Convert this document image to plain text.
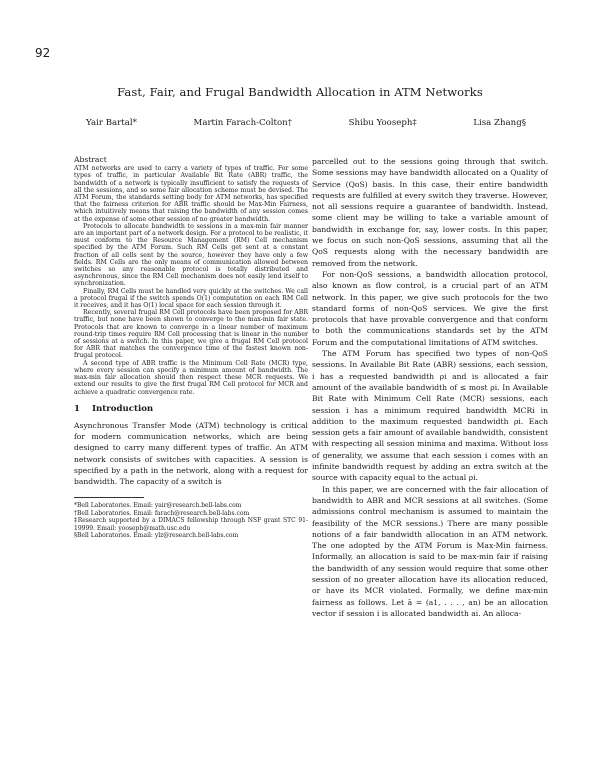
92
Fast, Fair, and Frugal Bandwidth Allocation in ATM Networks
Yair Bartal*	Martin Farach-Colton†	Shibu Yooseph‡	Lisa Zhang§
Abstract

ATM networks are used to carry a variety of types of traffic. For some types of traffic, in particular Available Bit Rate (ABR) traffic, the bandwidth of a network is typically insufficient to satisfy the requests of all the sessions, and so some fair allocation scheme must be devised. The ATM Forum, the standards setting body for ATM networks, has specified that the fairness criterion for ABR traffic should be Max-Min Fairness, which intuitively means that raising the bandwidth of any session comes at the expense of some other session of no greater bandwidth.

Protocols to allocate bandwidth to sessions in a max-min fair manner are an important part of a network design. For a protocol to be realistic, it must conform to the Resource Management (RM) Cell mechanism specified by the ATM Forum. Such RM Cells get sent at a constant fraction of all cells sent by the source, however they have only a few fields. RM Cells are the only means of communication allowed between switches so any reasonable protocol is totally distributed and asynchronous, since the RM Cell mechanism does not easily lend itself to synchronization.

Finally, RM Cells must be handled very quickly at the switches. We call a protocol frugal if the switch spends O(1) computation on each RM Cell it receives, and it has O(1) local space for each session through it.

Recently, several frugal RM Cell protocols have been proposed for ABR traffic, but none have been shown to converge to the max-min fair state. Protocols that are known to converge in a linear number of maximum round-trip times require RM Cell processing that is linear in the number of sessions at a switch. In this paper, we give a frugal RM Cell protocol for ABR that matches the convergence time of the fastest known non-frugal protocol.

A second type of ABR traffic is the Minimum Cell Rate (MCR) type, where every session can specify a minimum amount of bandwidth. The max-min fair allocation should then respect these MCR requests. We extend our results to give the first frugal RM Cell protocol for MCR and achieve a quadratic convergence rate.

1 Introduction

Asynchronous Transfer Mode (ATM) technology is critical for modern communication networks, which are being designed to carry many different types of traffic. An ATM network consists of switches with capacities. A session is specified by a path in the network, along with a request for bandwidth. The capacity of a switch is

*Bell Laboratories. Email: yair@research.bell-labs.com

†Bell Laboratories. Email: farach@research.bell-labs.com

‡Research supported by a DIMACS fellowship through NSF grant STC 91-19999. Email: yooseph@math.usc.edu

§Bell Laboratories. Email: ylz@research.bell-labs.com

parcelled out to the sessions going through that switch. Some sessions may have bandwidth allocated on a Quality of Service (QoS) basis. In this case, their entire bandwidth requests are fulfilled at every switch they traverse. However, not all sessions require a guarantee of bandwidth. Instead, some client may be willing to take a variable amount of bandwidth in exchange for, say, lower costs. In this paper, we focus on such non-QoS sessions, assuming that all the QoS requests along with the necessary bandwidth are removed from the network.

For non-QoS sessions, a bandwidth allocation protocol, also known as flow control, is a crucial part of an ATM network. In this paper, we give such protocols for the two standard forms of non-QoS services. We give the first protocols that have provable convergence and that conform to both the communications standards set by the ATM Forum and the computational limitations of ATM switches.

The ATM Forum has specified two types of non-QoS sessions. In Available Bit Rate (ABR) sessions, each session, i has a requested bandwidth ρi and is allocated a fair amount of the available bandwidth of ≤ most ρi. In Available Bit Rate with Minimum Cell Rate (MCR) sessions, each session i has a minimum required bandwidth MCRi in addition to the maximum requested bandwidth ρi. Each session gets a fair amount of available bandwidth, consistent with respecting all session minima and maxima. Without loss of generality, we assume that each session i comes with an infinite bandwidth request by adding an extra switch at the source with capacity equal to the actual ρi.

In this paper, we are concerned with the fair allocation of bandwidth to ABR and MCR sessions at all switches. (Some admissions control mechanism is assumed to maintain the feasibility of the MCR sessions.) There are many possible notions of a fair bandwidth allocation in an ATM network. The one adopted by the ATM Forum is Max-Min fairness. Informally, an allocation is said to be max-min fair if raising the bandwidth of any session would require that some other session of no greater allocation have its allocation reduced, or have its MCR violated. Formally, we define max-min fairness as follows. Let ā = (a1, . . . , an) be an allocation vector if session i is allocated bandwidth ai. An alloca-
